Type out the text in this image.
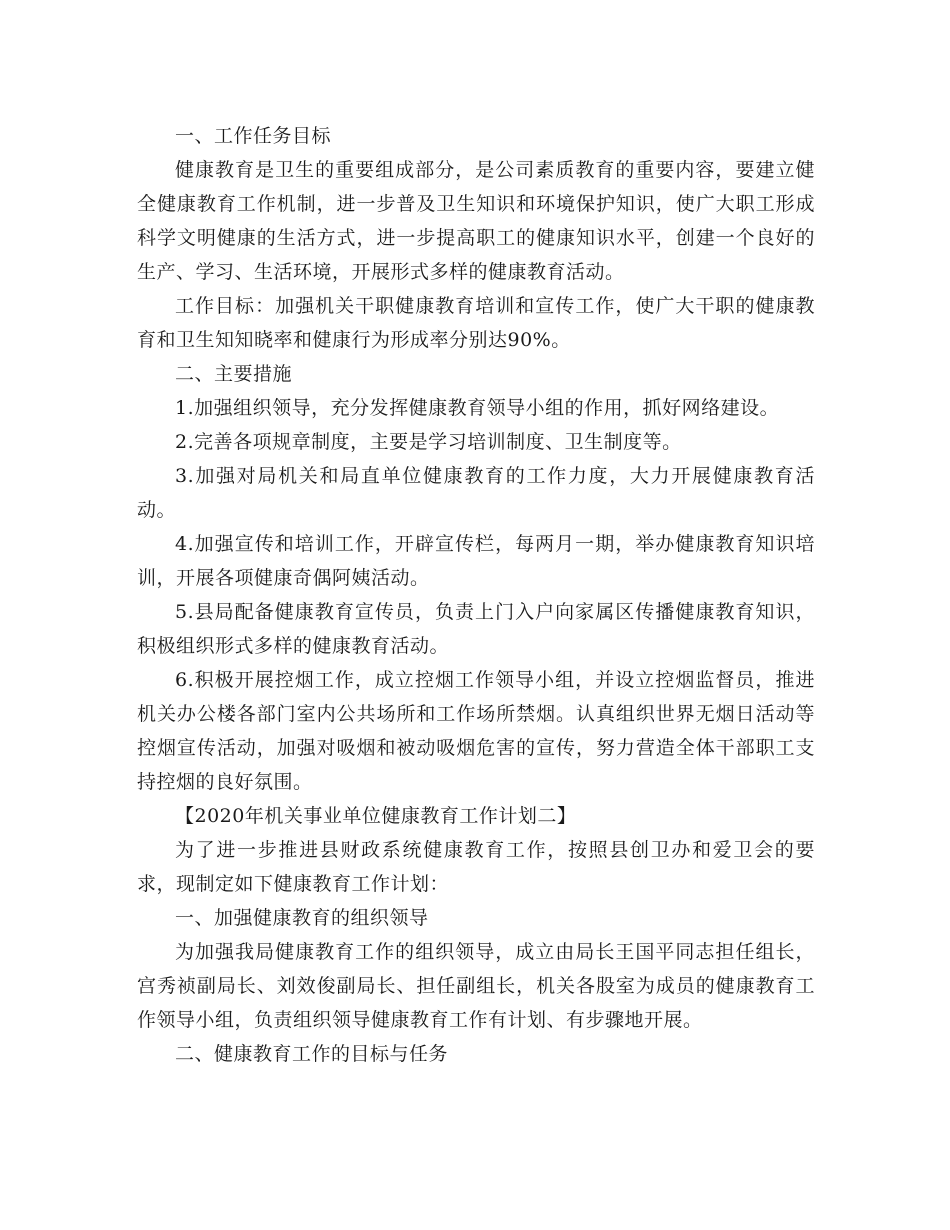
一、工作任务目标

健康教育是卫生的重要组成部分，是公司素质教育的重要内容，要建立健全健康教育工作机制，进一步普及卫生知识和环境保护知识，使广大职工形成科学文明健康的生活方式，进一步提高职工的健康知识水平，创建一个良好的生产、学习、生活环境，开展形式多样的健康教育活动。

工作目标：加强机关干职健康教育培训和宣传工作，使广大干职的健康教育和卫生知知晓率和健康行为形成率分别达90%。

二、主要措施

1.加强组织领导，充分发挥健康教育领导小组的作用，抓好网络建设。

2.完善各项规章制度，主要是学习培训制度、卫生制度等。

3.加强对局机关和局直单位健康教育的工作力度，大力开展健康教育活动。

4.加强宣传和培训工作，开辟宣传栏，每两月一期，举办健康教育知识培训，开展各项健康奇偶阿姨活动。

5.县局配备健康教育宣传员，负责上门入户向家属区传播健康教育知识，积极组织形式多样的健康教育活动。

6.积极开展控烟工作，成立控烟工作领导小组，并设立控烟监督员，推进机关办公楼各部门室内公共场所和工作场所禁烟。认真组织世界无烟日活动等控烟宣传活动，加强对吸烟和被动吸烟危害的宣传，努力营造全体干部职工支持控烟的良好氛围。

【2020年机关事业单位健康教育工作计划二】

为了进一步推进县财政系统健康教育工作，按照县创卫办和爱卫会的要求，现制定如下健康教育工作计划：

一、加强健康教育的组织领导

为加强我局健康教育工作的组织领导，成立由局长王国平同志担任组长，宫秀祯副局长、刘效俊副局长、担任副组长，机关各股室为成员的健康教育工作领导小组，负责组织领导健康教育工作有计划、有步骤地开展。

二、健康教育工作的目标与任务
